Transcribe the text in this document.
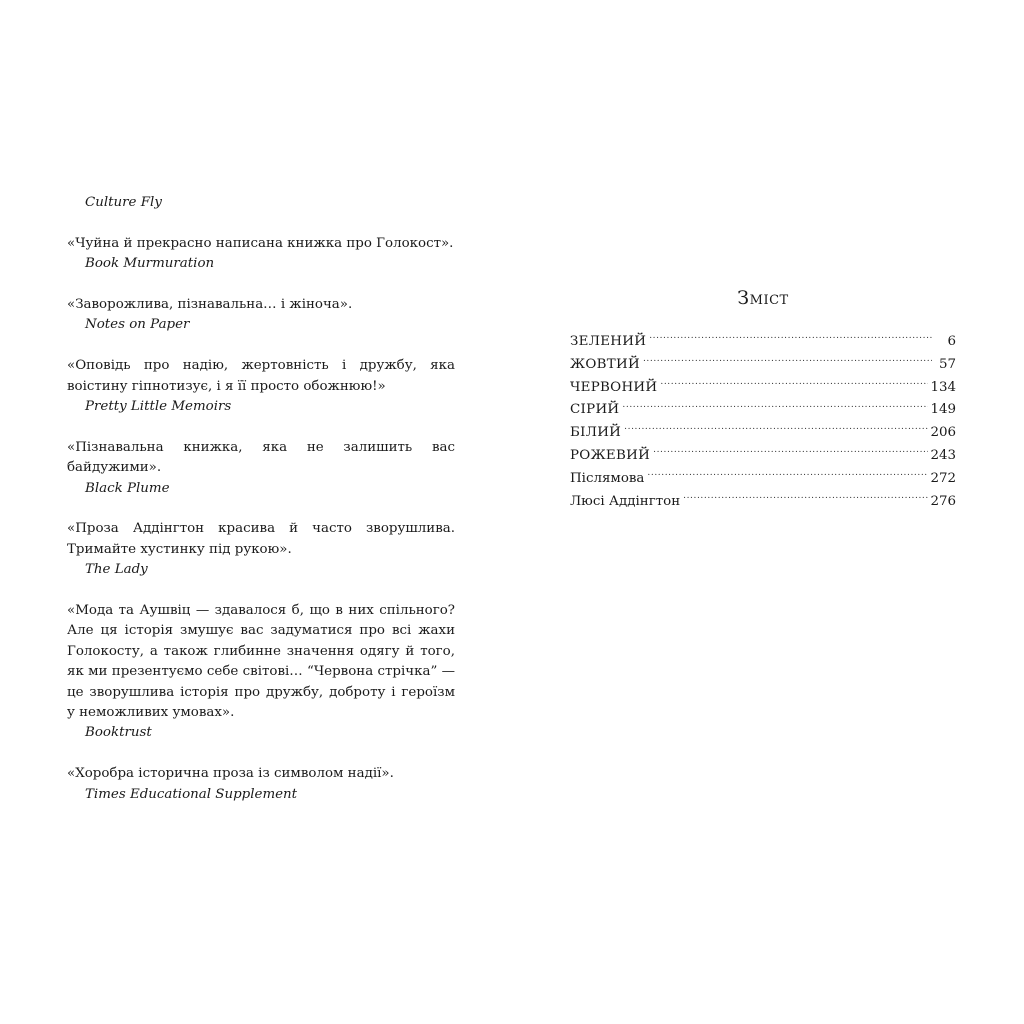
Culture Fly
«Чуйна й прекрасно написана книжка про Голокост».
Book Murmuration
«Заворожлива, пізнавальна… і жіноча».
Notes on Paper
«Оповідь про надію, жертовність і дружбу, яка воістину гіпнотизує, і я її просто обожнюю!»
Pretty Little Memoirs
«Пізнавальна книжка, яка не залишить вас байдужими».
Black Plume
«Проза Аддінгтон красива й часто зворушлива. Тримайте хустинку під рукою».
The Lady
«Мода та Аушвіц — здавалося б, що в них спільного? Але ця історія змушує вас задуматися про всі жахи Голокосту, а також глибинне значення одягу й того, як ми презентуємо себе світові… “Червона стрічка” — це зворушлива історія про дружбу, доброту і героїзм у неможливих умовах».
Booktrust
«Хоробра історична проза із символом надії».
Times Educational Supplement
Зміст
ЗЕЛЕНИЙ .....	6
ЖОВТИЙ .....	57
ЧЕРВОНИЙ .....	134
СІРИЙ .....	149
БІЛИЙ .....	206
РОЖЕВИЙ .....	243
Післямова .....	272
Люсі Аддінгтон .....	276
